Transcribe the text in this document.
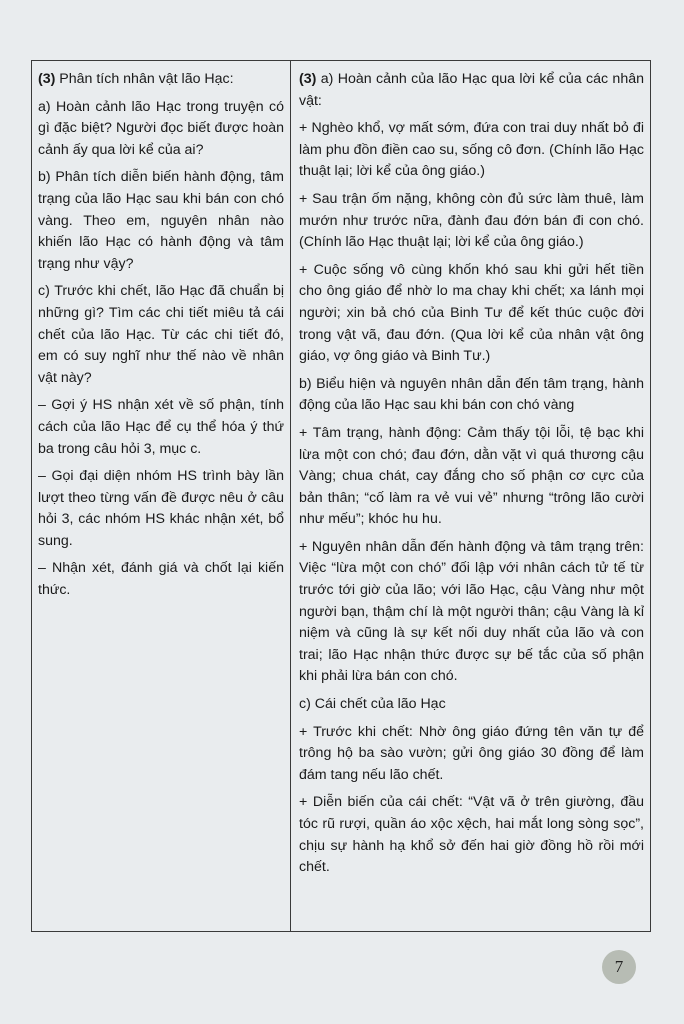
(3) Phân tích nhân vật lão Hạc:

a) Hoàn cảnh lão Hạc trong truyện có gì đặc biệt? Người đọc biết được hoàn cảnh ấy qua lời kể của ai?

b) Phân tích diễn biến hành động, tâm trạng của lão Hạc sau khi bán con chó vàng. Theo em, nguyên nhân nào khiến lão Hạc có hành động và tâm trạng như vậy?

c) Trước khi chết, lão Hạc đã chuẩn bị những gì? Tìm các chi tiết miêu tả cái chết của lão Hạc. Từ các chi tiết đó, em có suy nghĩ như thế nào về nhân vật này?

– Gợi ý HS nhận xét về số phận, tính cách của lão Hạc để cụ thể hóa ý thứ ba trong câu hỏi 3, mục c.

– Gọi đại diện nhóm HS trình bày lần lượt theo từng vấn đề được nêu ở câu hỏi 3, các nhóm HS khác nhận xét, bổ sung.

– Nhận xét, đánh giá và chốt lại kiến thức.

(3) a) Hoàn cảnh của lão Hạc qua lời kể của các nhân vật:

+ Nghèo khổ, vợ mất sớm, đứa con trai duy nhất bỏ đi làm phu đồn điền cao su, sống cô đơn. (Chính lão Hạc thuật lại; lời kể của ông giáo.)

+ Sau trận ốm nặng, không còn đủ sức làm thuê, làm mướn như trước nữa, đành đau đớn bán đi con chó. (Chính lão Hạc thuật lại; lời kể của ông giáo.)

+ Cuộc sống vô cùng khốn khó sau khi gửi hết tiền cho ông giáo để nhờ lo ma chay khi chết; xa lánh mọi người; xin bả chó của Binh Tư để kết thúc cuộc đời trong vật vã, đau đớn. (Qua lời kể của nhân vật ông giáo, vợ ông giáo và Binh Tư.)

b) Biểu hiện và nguyên nhân dẫn đến tâm trạng, hành động của lão Hạc sau khi bán con chó vàng

+ Tâm trạng, hành động: Cảm thấy tội lỗi, tệ bạc khi lừa một con chó; đau đớn, dằn vặt vì quá thương cậu Vàng; chua chát, cay đắng cho số phận cơ cực của bản thân; “cố làm ra vẻ vui vẻ” nhưng “trông lão cười như mếu”; khóc hu hu.

+ Nguyên nhân dẫn đến hành động và tâm trạng trên: Việc “lừa một con chó” đối lập với nhân cách tử tế từ trước tới giờ của lão; với lão Hạc, cậu Vàng như một người bạn, thậm chí là một người thân; cậu Vàng là kỉ niệm và cũng là sự kết nối duy nhất của lão và con trai; lão Hạc nhận thức được sự bế tắc của số phận khi phải lừa bán con chó.

c) Cái chết của lão Hạc

+ Trước khi chết: Nhờ ông giáo đứng tên văn tự để trông hộ ba sào vườn; gửi ông giáo 30 đồng để làm đám tang nếu lão chết.

+ Diễn biến của cái chết: “Vật vã ở trên giường, đầu tóc rũ rượi, quần áo xộc xệch, hai mắt long sòng sọc”, chịu sự hành hạ khổ sở đến hai giờ đồng hồ rồi mới chết.

7
